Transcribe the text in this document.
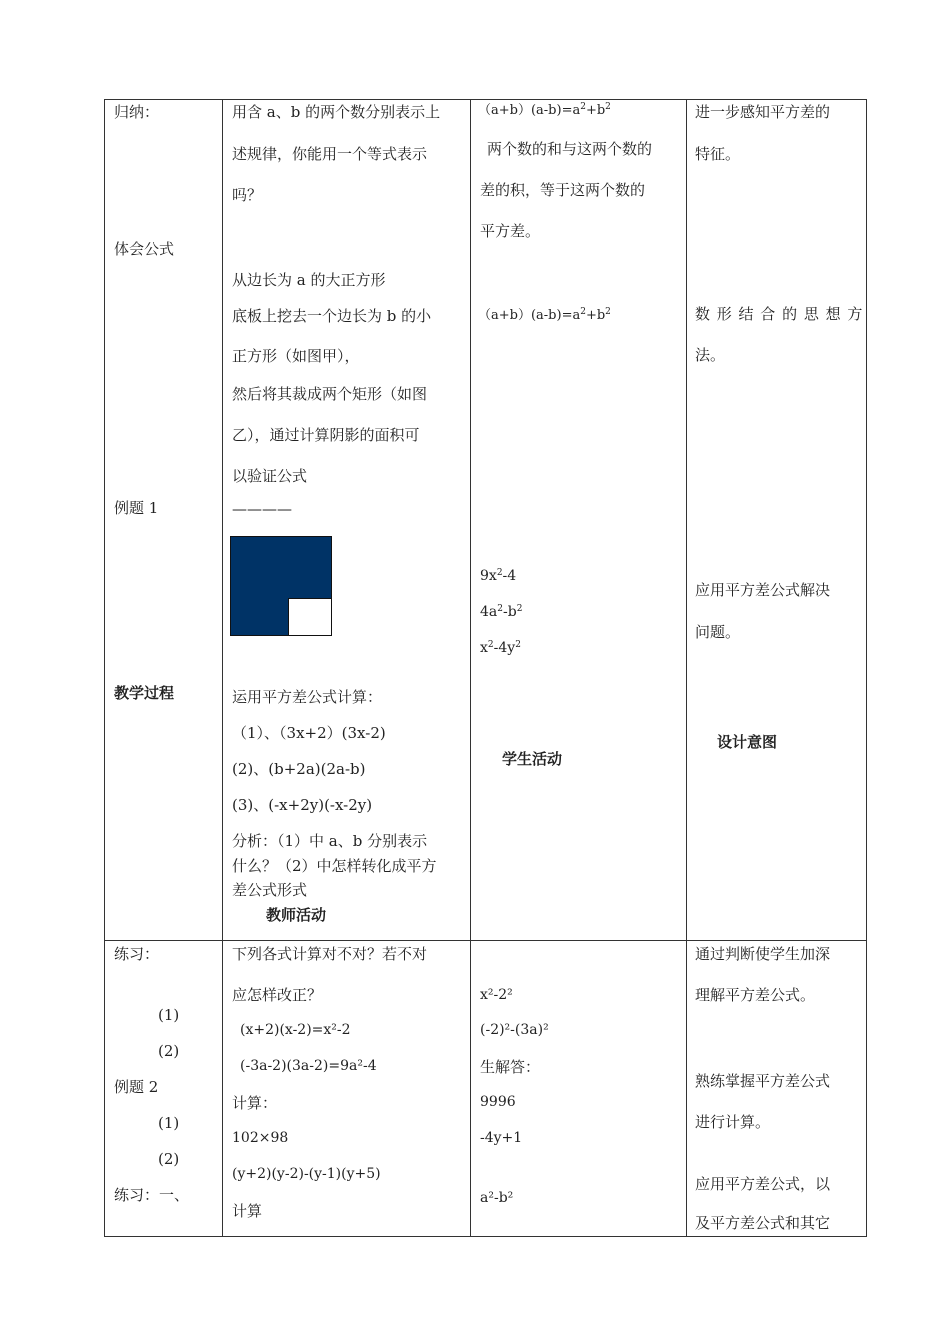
归纳：
体会公式
例题 1
教学过程
用含 a、b 的两个数分别表示上
述规律，你能用一个等式表示
吗？
从边长为 a 的大正方形
底板上挖去一个边长为 b 的小
正方形（如图甲），
然后将其裁成两个矩形（如图
乙），通过计算阴影的面积可
以验证公式
————
运用平方差公式计算：
（1）、（3x+2）(3x-2)
(2)、(b+2a)(2a-b)
(3)、(-x+2y)(-x-2y)
分析：（1）中 a、b 分别表示
什么？（2）中怎样转化成平方
差公式形式
教师活动
$(a+b)(a-b)=a^2+b^2$
两个数的和与这两个数的
差的积，等于这两个数的
平方差。
$(a+b)(a-b)=a^2+b^2$
$9x^2-4$
$4a^2-b^2$
$x^2-4y^2$
学生活动
进一步感知平方差的
特征。
数 形 结 合 的 思 想 方
法。
应用平方差公式解决
问题。
设计意图
练习：
(1)
(2)
例题 2
(1)
(2)
练习：一、
下列各式计算对不对？若不对
应怎样改正？
(x+2)(x-2)=x²-2
(-3a-2)(3a-2)=9a²-4
计算：
102×98
(y+2)(y-2)-(y-1)(y+5)
计算
x²-2²
(-2)²-(3a)²
生解答：
9996
-4y+1
a²-b²
通过判断使学生加深
理解平方差公式。
熟练掌握平方差公式
进行计算。
应用平方差公式，以
及平方差公式和其它
